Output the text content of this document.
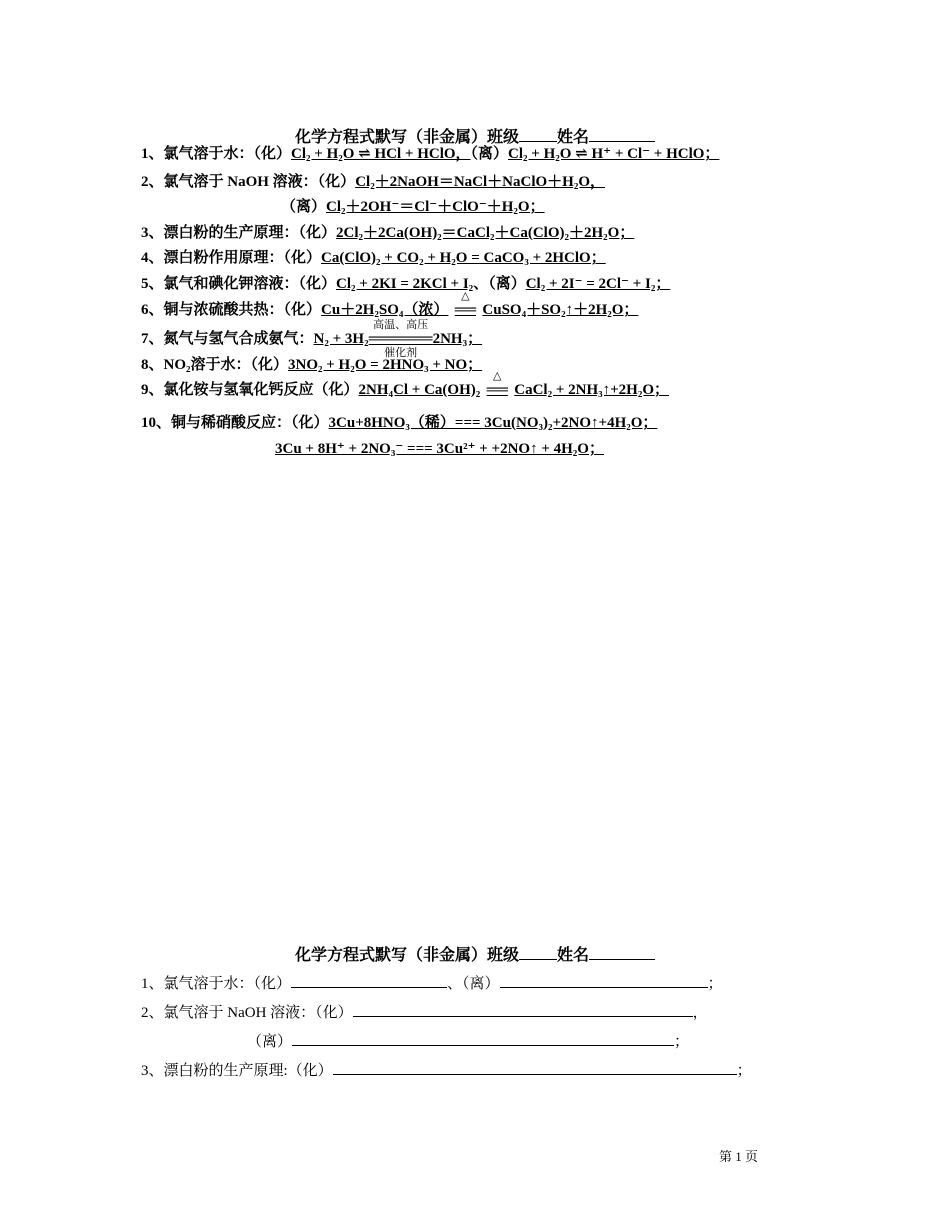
化学方程式默写（非金属）班级 姓名
1、氯气溶于水：（化）Cl₂ + H₂O ⇌ HCl + HClO，（离）Cl₂ + H₂O ⇌ H⁺ + Cl⁻ + HClO；
2、氯气溶于 NaOH 溶液：（化）Cl₂＋2NaOH＝NaCl＋NaClO＋H₂O，
（离）Cl₂＋2OH⁻＝Cl⁻＋ClO⁻＋H₂O；
3、漂白粉的生产原理：（化）2Cl₂＋2Ca(OH)₂＝CaCl₂＋Ca(ClO)₂＋2H₂O；
4、漂白粉作用原理：（化）Ca(ClO)₂ + CO₂ + H₂O = CaCO₃ + 2HClO；
5、氯气和碘化钾溶液：（化）Cl₂ + 2KI = 2KCl + I₂、（离）Cl₂ + 2I⁻ = 2Cl⁻ + I₂；
6、铜与浓硫酸共热：（化）Cu＋2H₂SO₄（浓）
△
══ CuSO₄＋SO₂↑＋2H₂O；
7、氮气与氢气合成氨气：N₂ + 3H₂
高温、高压
══════
催化剂
2NH₃；
8、NO₂溶于水：（化）3NO₂ + H₂O = 2HNO₃ + NO；
9、氯化铵与氢氧化钙反应（化）2NH₄Cl + Ca(OH)₂
△
══ CaCl₂ + 2NH₃↑+2H₂O；
10、铜与稀硝酸反应：（化）3Cu+8HNO₃（稀）=== 3Cu(NO₃)₂+2NO↑+4H₂O；
3Cu + 8H⁺ + 2NO₃⁻ === 3Cu²⁺ + +2NO↑ + 4H₂O；
化学方程式默写（非金属）班级 姓名
1、氯气溶于水：（化）	、（离）	；
2、氯气溶于 NaOH 溶液：（化）	，
（离）	；
3、漂白粉的生产原理:（化）	；
第 1 页
